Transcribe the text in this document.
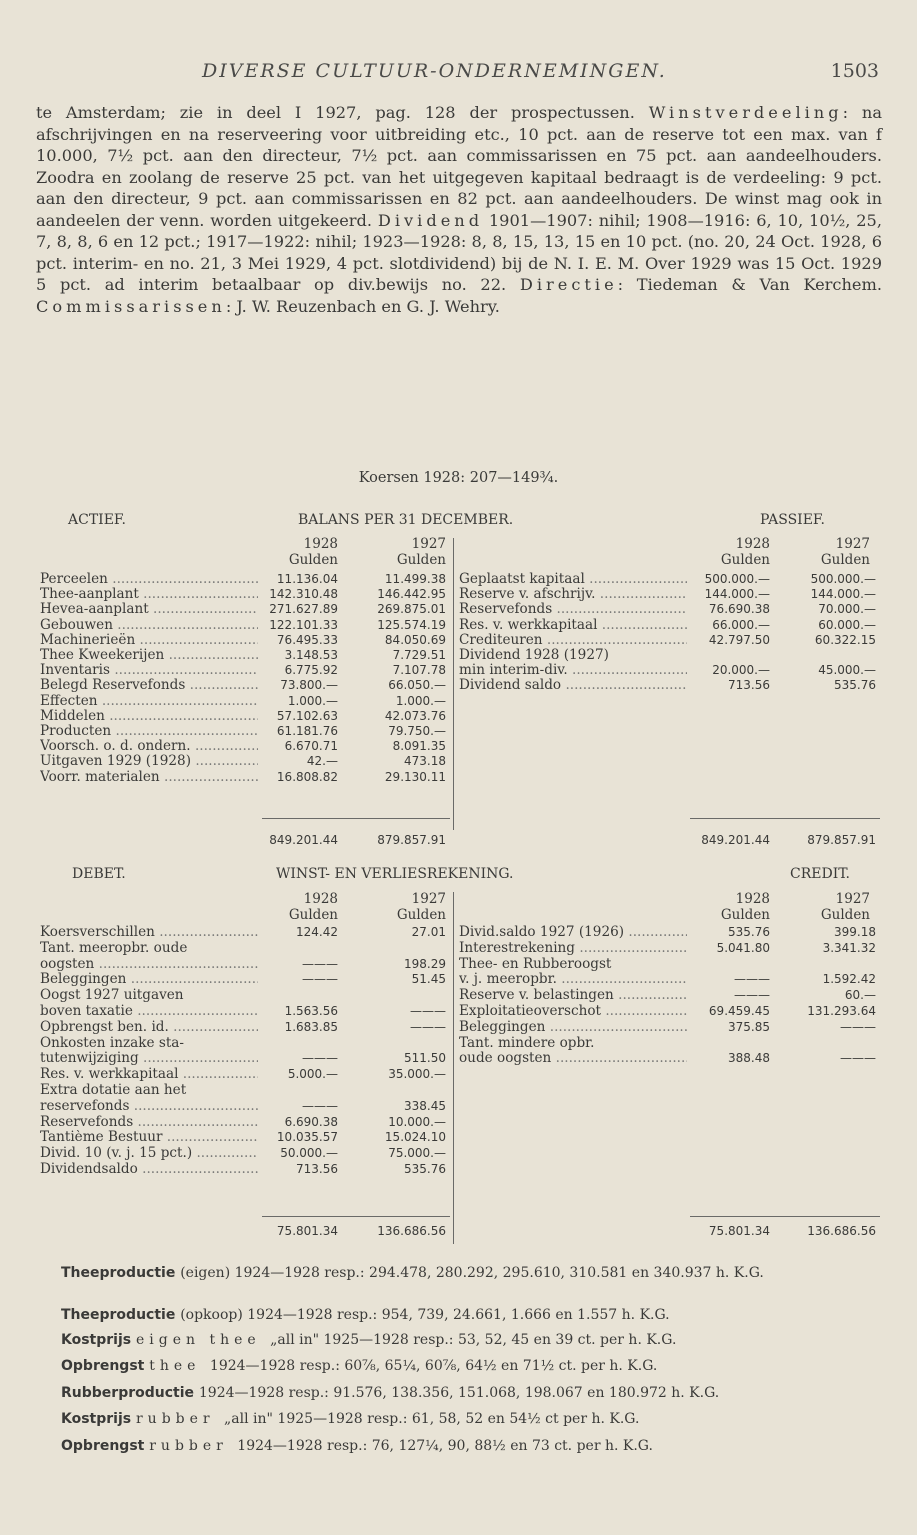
DIVERSE CULTUUR-ONDERNEMINGEN.	1503
te Amsterdam; zie in deel I 1927, pag. 128 der prospectussen. Winstverdeeling: na afschrijvingen en na reserveering voor uitbreiding etc., 10 pct. aan de reserve tot een max. van f 10.000, 7½ pct. aan den directeur, 7½ pct. aan commissarissen en 75 pct. aan aandeelhouders. Zoodra en zoolang de reserve 25 pct. van het uitgegeven kapitaal bedraagt is de verdeeling: 9 pct. aan den directeur, 9 pct. aan commissarissen en 82 pct. aan aandeelhouders. De winst mag ook in aandeelen der venn. worden uitgekeerd. Dividend 1901—1907: nihil; 1908—1916: 6, 10, 10½, 25, 7, 8, 8, 6 en 12 pct.; 1917—1922: nihil; 1923—1928: 8, 8, 15, 13, 15 en 10 pct. (no. 20, 24 Oct. 1928, 6 pct. interim- en no. 21, 3 Mei 1929, 4 pct. slotdividend) bij de N. I. E. M. Over 1929 was 15 Oct. 1929 5 pct. ad interim betaalbaar op div.bewijs no. 22. Directie: Tiedeman & Van Kerchem. Commissarissen: J. W. Reuzenbach en G. J. Wehry.
Koersen 1928: 207—149¾.
ACTIEF.	BALANS PER 31 DECEMBER.	PASSIEF.
1928
Gulden
1927
Gulden
1928
Gulden
1927
Gulden
Perceelen .....	11.136.04	11.499.38
Thee-aanplant .....	142.310.48	146.442.95
Hevea-aanplant .....	271.627.89	269.875.01
Gebouwen .....	122.101.33	125.574.19
Machinerieën .....	76.495.33	84.050.69
Thee Kweekerijen .....	3.148.53	7.729.51
Inventaris .....	6.775.92	7.107.78
Belegd Reservefonds .....	73.800.—	66.050.—
Effecten .....	1.000.—	1.000.—
Middelen .....	57.102.63	42.073.76
Producten .....	61.181.76	79.750.—
Voorsch. o. d. ondern. .....	6.670.71	8.091.35
Uitgaven 1929 (1928) .....	42.—	473.18
Voorr. materialen .....	16.808.82	29.130.11
Geplaatst kapitaal .....	500.000.—	500.000.—
Reserve v. afschrijv. .....	144.000.—	144.000.—
Reservefonds .....	76.690.38	70.000.—
Res. v. werkkapitaal .....	66.000.—	60.000.—
Crediteuren .....	42.797.50	60.322.15
Dividend 1928 (1927)
min interim-div. .....	20.000.—	45.000.—
Dividend saldo .....	713.56	535.76
849.201.44	879.857.91	849.201.44	879.857.91
DEBET.	WINST- EN VERLIESREKENING.	CREDIT.
1928
Gulden
1927
Gulden
1928
Gulden
1927
Gulden
Koersverschillen .....	124.42	27.01
Tant. meeropbr. oude
oogsten .....	———	198.29
Beleggingen .....	———	51.45
Oogst 1927 uitgaven
boven taxatie .....	1.563.56	———
Opbrengst ben. id. .....	1.683.85	———
Onkosten inzake sta-
tutenwijziging .....	———	511.50
Res. v. werkkapitaal .....	5.000.—	35.000.—
Extra dotatie aan het
reservefonds .....	———	338.45
Reservefonds .....	6.690.38	10.000.—
Tantième Bestuur .....	10.035.57	15.024.10
Divid. 10 (v. j. 15 pct.) .....	50.000.—	75.000.—
Dividendsaldo .....	713.56	535.76
Divid.saldo 1927 (1926) .....	535.76	399.18
Interestrekening .....	5.041.80	3.341.32
Thee- en Rubberoogst
v. j. meeropbr. .....	———	1.592.42
Reserve v. belastingen .....	———	60.—
Exploitatieoverschot .....	69.459.45	131.293.64
Beleggingen .....	375.85	———
Tant. mindere opbr.
oude oogsten .....	388.48	———
75.801.34	136.686.56	75.801.34	136.686.56
Theeproductie (eigen) 1924—1928 resp.: 294.478, 280.292, 295.610, 310.581 en 340.937 h. K.G.
Theeproductie (opkoop) 1924—1928 resp.: 954, 739, 24.661, 1.666 en 1.557 h. K.G.
Kostprijs eigen thee „all in" 1925—1928 resp.: 53, 52, 45 en 39 ct. per h. K.G.
Opbrengst thee 1924—1928 resp.: 60⅞, 65¼, 60⅞, 64½ en 71½ ct. per h. K.G.
Rubberproductie 1924—1928 resp.: 91.576, 138.356, 151.068, 198.067 en 180.972 h. K.G.
Kostprijs rubber „all in" 1925—1928 resp.: 61, 58, 52 en 54½ ct per h. K.G.
Opbrengst rubber 1924—1928 resp.: 76, 127¼, 90, 88½ en 73 ct. per h. K.G.
